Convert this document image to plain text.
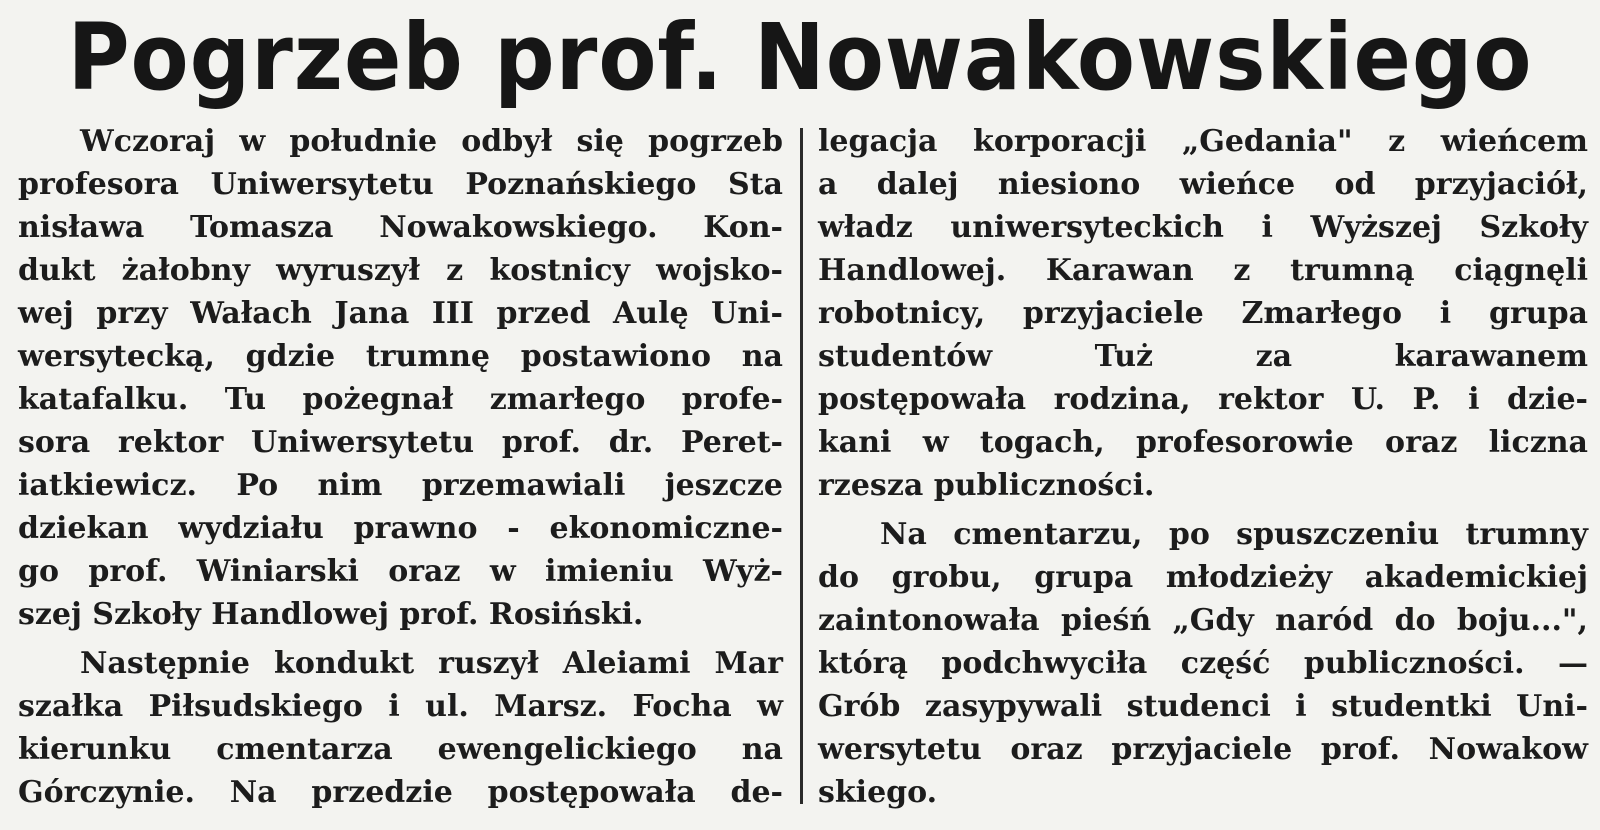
Pogrzeb prof. Nowakowskiego
Wczoraj w południe odbył się pogrzeb
profesora Uniwersytetu Poznańskiego Sta
nisława Tomasza Nowakowskiego. Kon-
dukt żałobny wyruszył z kostnicy wojsko-
wej przy Wałach Jana III przed Aulę Uni-
wersytecką, gdzie trumnę postawiono na
katafalku. Tu pożegnał zmarłego profe-
sora rektor Uniwersytetu prof. dr. Peret-
iatkiewicz. Po nim przemawiali jeszcze
dziekan wydziału prawno - ekonomiczne-
go prof. Winiarski oraz w imieniu Wyż-
szej Szkoły Handlowej prof. Rosiński.
Następnie kondukt ruszył Aleiami Mar
szałka Piłsudskiego i ul. Marsz. Focha w
kierunku cmentarza ewengelickiego na
Górczynie. Na przedzie postępowała de-
legacja korporacji „Gedania" z wieńcem
a dalej niesiono wieńce od przyjaciół,
władz uniwersyteckich i Wyższej Szkoły
Handlowej. Karawan z trumną ciągnęli
robotnicy, przyjaciele Zmarłego i grupa
studentów Tuż za karawanem
postępowała rodzina, rektor U. P. i dzie-
kani w togach, profesorowie oraz liczna
rzesza publiczności.
Na cmentarzu, po spuszczeniu trumny
do grobu, grupa młodzieży akademickiej
zaintonowała pieśń „Gdy naród do boju...",
którą podchwyciła część publiczności. —
Grób zasypywali studenci i studentki Uni-
wersytetu oraz przyjaciele prof. Nowakow
skiego.
